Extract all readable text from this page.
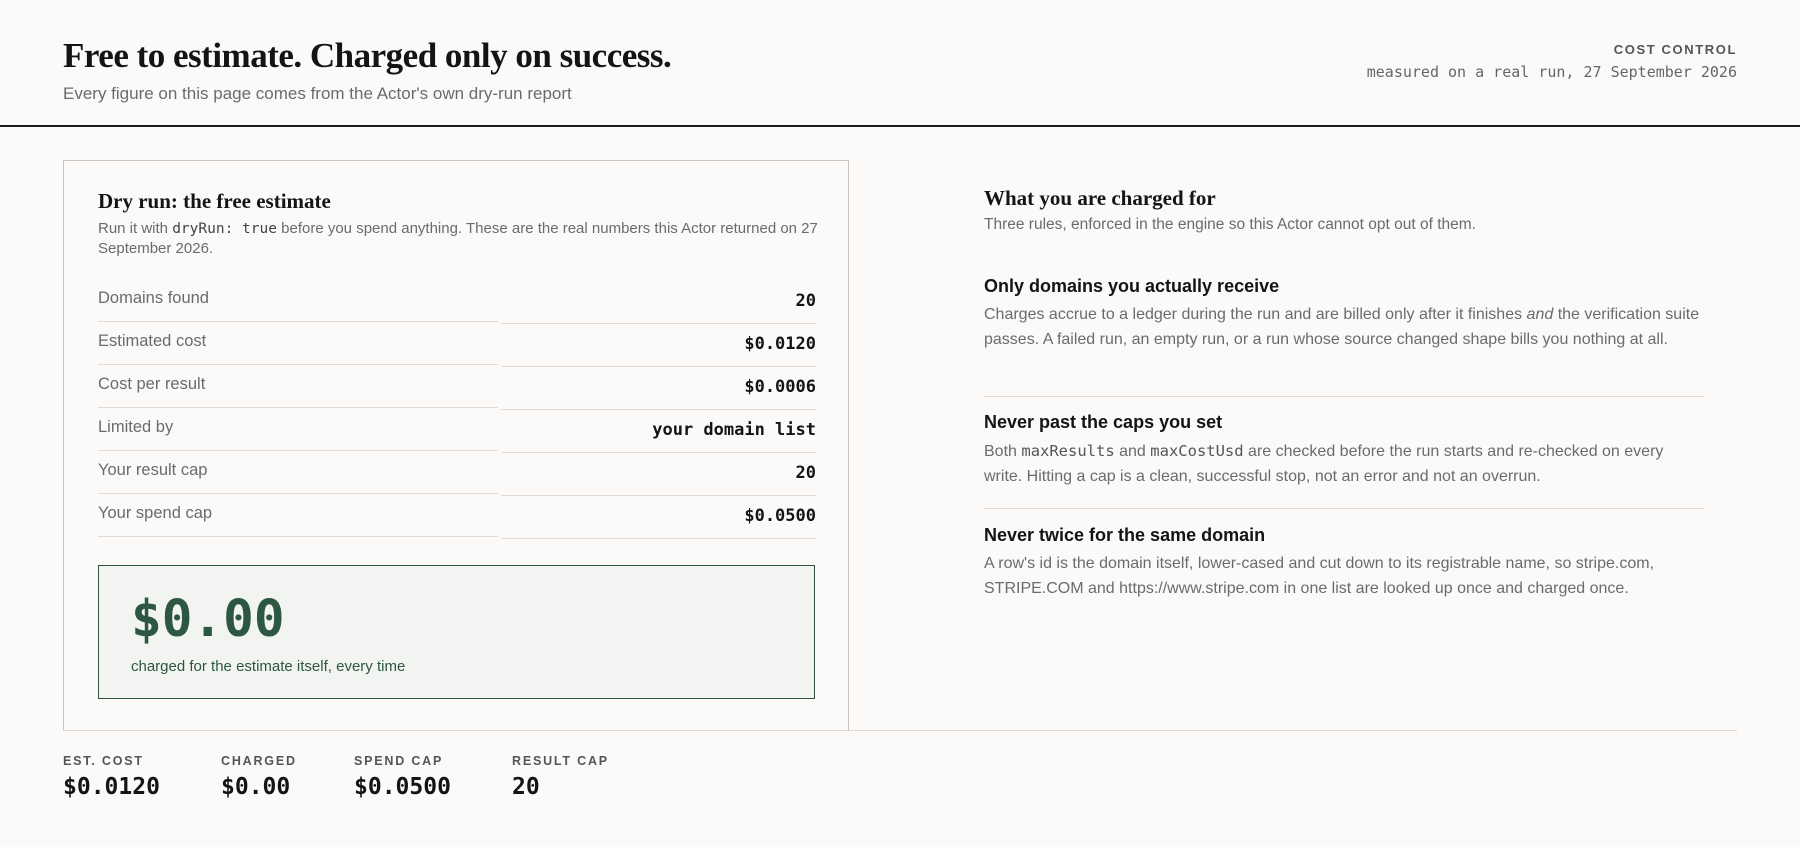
Free to estimate. Charged only on success.
Every figure on this page comes from the Actor's own dry-run report
COST CONTROL
measured on a real run, 27 September 2026
Dry run: the free estimate
Run it with dryRun: true before you spend anything. These are the real numbers this Actor returned on 27 September 2026.
Domains found	20
Estimated cost	$0.0120
Cost per result	$0.0006
Limited by	your domain list
Your result cap	20
Your spend cap	$0.0500
$0.00
charged for the estimate itself, every time
What you are charged for
Three rules, enforced in the engine so this Actor cannot opt out of them.
Only domains you actually receive

Charges accrue to a ledger during the run and are billed only after it finishes and the verification suite passes. A failed run, an empty run, or a run whose source changed shape bills you nothing at all.

Never past the caps you set

Both maxResults and maxCostUsd are checked before the run starts and re-checked on every write. Hitting a cap is a clean, successful stop, not an error and not an overrun.

Never twice for the same domain

A row's id is the domain itself, lower-cased and cut down to its registrable name, so stripe.com, STRIPE.COM and https://www.stripe.com in one list are looked up once and charged once.

EST. COST
$0.0120
CHARGED
$0.00
SPEND CAP
$0.0500
RESULT CAP
20
